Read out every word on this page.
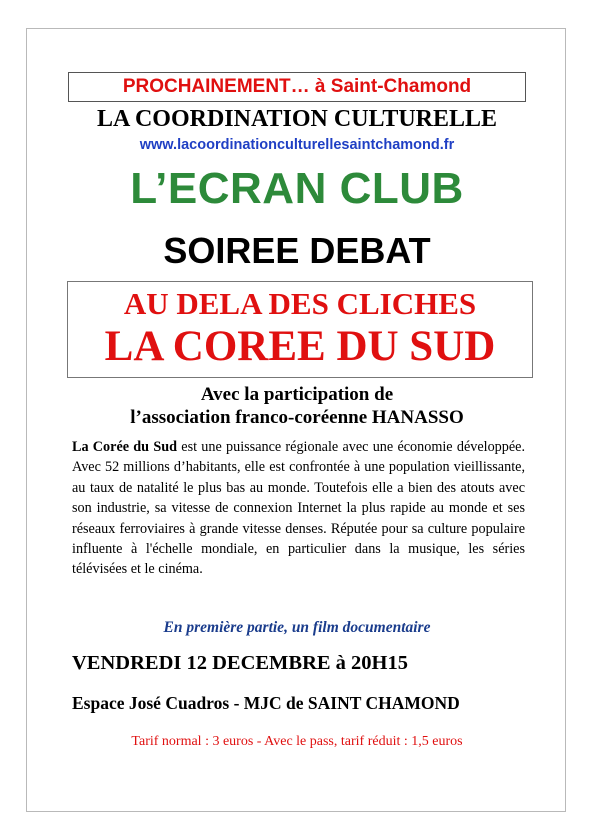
PROCHAINEMENT… à Saint-Chamond
LA COORDINATION CULTURELLE
www.lacoordinationculturellesaintchamond.fr
L’ECRAN CLUB
SOIREE DEBAT
AU DELA DES CLICHES
LA COREE DU SUD
Avec la participation de
l’association franco-coréenne HANASSO

La Corée du Sud est une puissance régionale avec une économie développée. Avec 52 millions d’habitants, elle est confrontée à une population vieillissante, au taux de natalité le plus bas au monde. Toutefois elle a bien des atouts avec son industrie, sa vitesse de connexion Internet la plus rapide au monde et ses réseaux ferroviaires à grande vitesse denses. Réputée pour sa culture populaire influente à l'échelle mondiale, en particulier dans la musique, les séries télévisées et le cinéma.

En première partie, un film documentaire
VENDREDI 12 DECEMBRE à 20H15
Espace José Cuadros - MJC de SAINT CHAMOND
Tarif normal : 3 euros - Avec le pass, tarif réduit : 1,5 euros
